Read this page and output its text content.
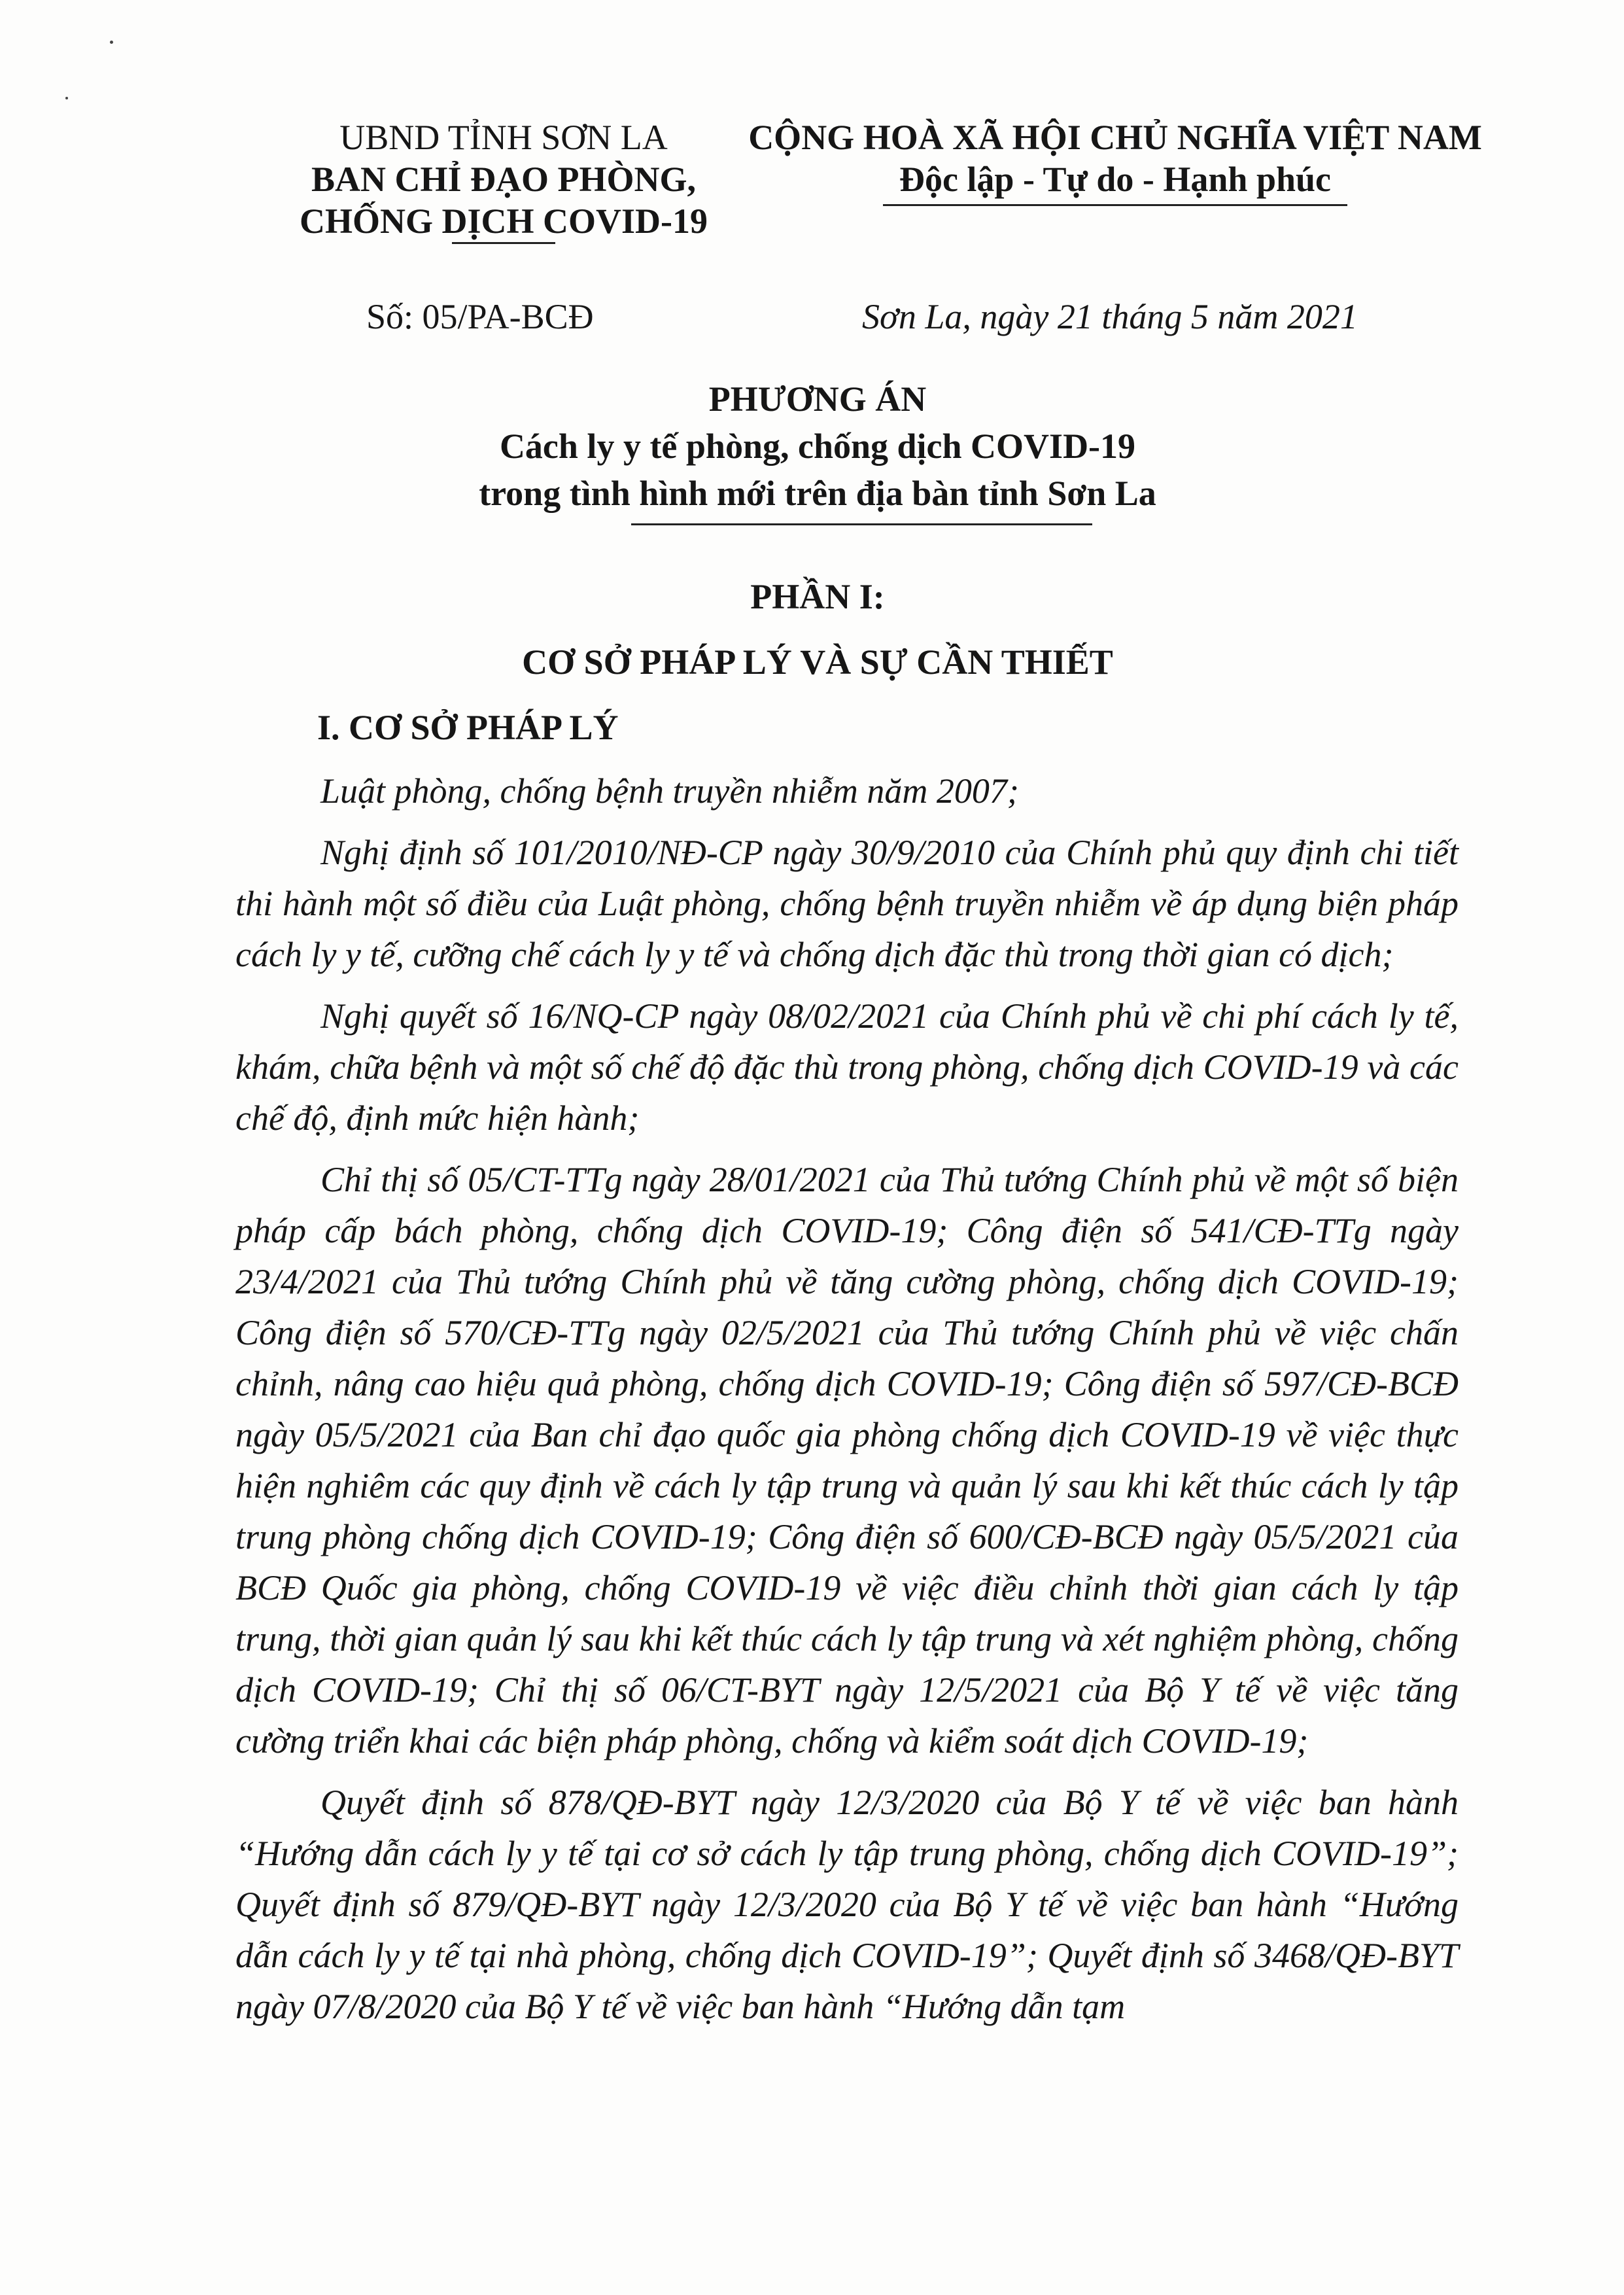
UBND TỈNH SƠN LA
BAN CHỈ ĐẠO PHÒNG,
CHỐNG DỊCH COVID-19
CỘNG HOÀ XÃ HỘI CHỦ NGHĨA VIỆT NAM
Độc lập - Tự do - Hạnh phúc
Số: 05/PA-BCĐ	Sơn La, ngày 21 tháng 5 năm 2021
PHƯƠNG ÁN
Cách ly y tế phòng, chống dịch COVID-19
trong tình hình mới trên địa bàn tỉnh Sơn La
PHẦN I:
CƠ SỞ PHÁP LÝ VÀ SỰ CẦN THIẾT
I. CƠ SỞ PHÁP LÝ

Luật phòng, chống bệnh truyền nhiễm năm 2007;

Nghị định số 101/2010/NĐ-CP ngày 30/9/2010 của Chính phủ quy định chi tiết thi hành một số điều của Luật phòng, chống bệnh truyền nhiễm về áp dụng biện pháp cách ly y tế, cưỡng chế cách ly y tế và chống dịch đặc thù trong thời gian có dịch;

Nghị quyết số 16/NQ-CP ngày 08/02/2021 của Chính phủ về chi phí cách ly tế, khám, chữa bệnh và một số chế độ đặc thù trong phòng, chống dịch COVID-19 và các chế độ, định mức hiện hành;

Chỉ thị số 05/CT-TTg ngày 28/01/2021 của Thủ tướng Chính phủ về một số biện pháp cấp bách phòng, chống dịch COVID-19; Công điện số 541/CĐ-TTg ngày 23/4/2021 của Thủ tướng Chính phủ về tăng cường phòng, chống dịch COVID-19; Công điện số 570/CĐ-TTg ngày 02/5/2021 của Thủ tướng Chính phủ về việc chấn chỉnh, nâng cao hiệu quả phòng, chống dịch COVID-19; Công điện số 597/CĐ-BCĐ ngày 05/5/2021 của Ban chỉ đạo quốc gia phòng chống dịch COVID-19 về việc thực hiện nghiêm các quy định về cách ly tập trung và quản lý sau khi kết thúc cách ly tập trung phòng chống dịch COVID-19; Công điện số 600/CĐ-BCĐ ngày 05/5/2021 của BCĐ Quốc gia phòng, chống COVID-19 về việc điều chỉnh thời gian cách ly tập trung, thời gian quản lý sau khi kết thúc cách ly tập trung và xét nghiệm phòng, chống dịch COVID-19; Chỉ thị số 06/CT-BYT ngày 12/5/2021 của Bộ Y tế về việc tăng cường triển khai các biện pháp phòng, chống và kiểm soát dịch COVID-19;

Quyết định số 878/QĐ-BYT ngày 12/3/2020 của Bộ Y tế về việc ban hành “Hướng dẫn cách ly y tế tại cơ sở cách ly tập trung phòng, chống dịch COVID-19”; Quyết định số 879/QĐ-BYT ngày 12/3/2020 của Bộ Y tế về việc ban hành “Hướng dẫn cách ly y tế tại nhà phòng, chống dịch COVID-19”; Quyết định số 3468/QĐ-BYT ngày 07/8/2020 của Bộ Y tế về việc ban hành “Hướng dẫn tạm
